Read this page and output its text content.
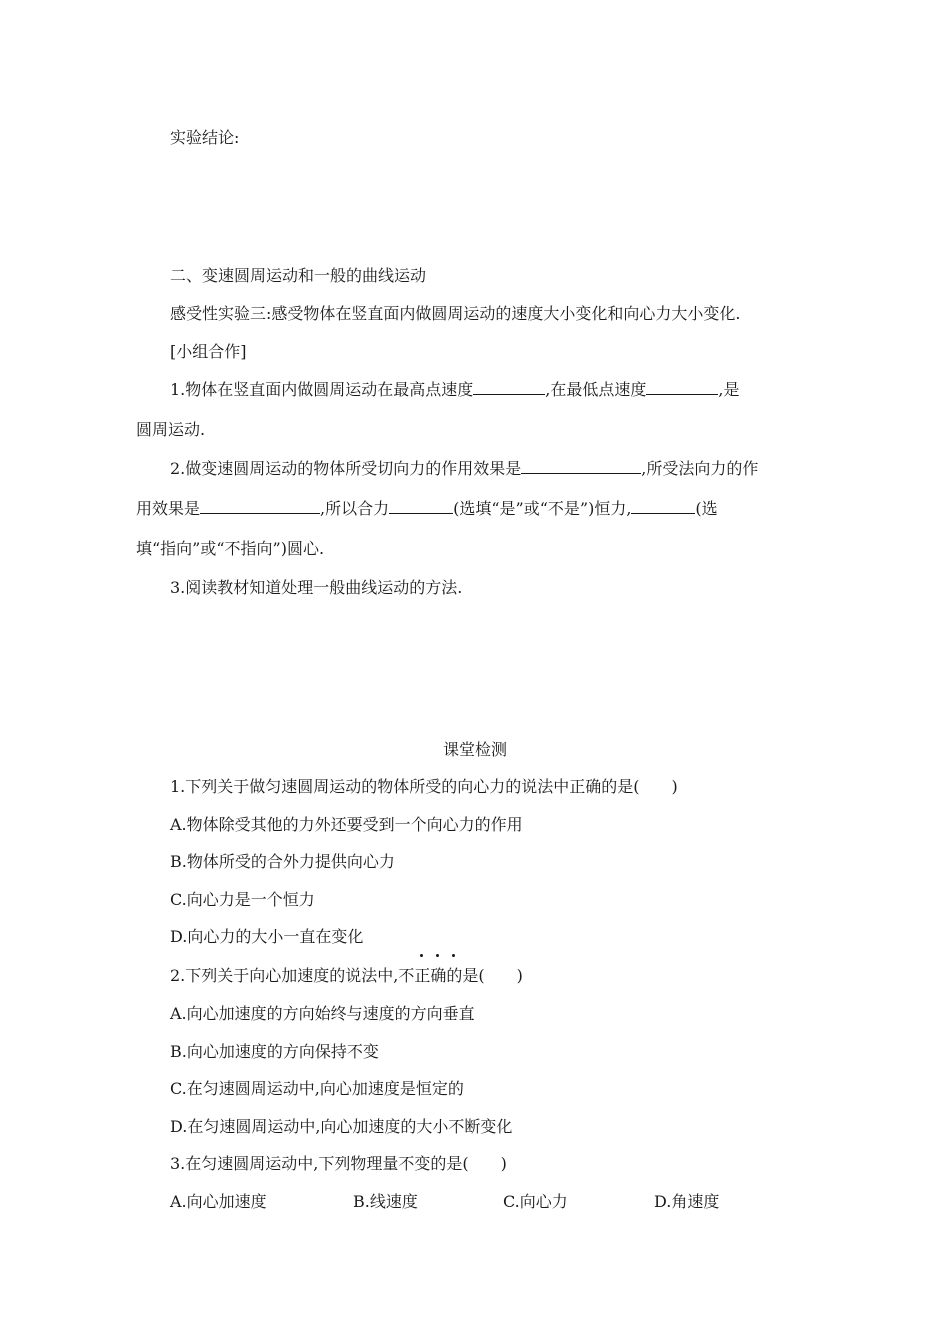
实验结论:
二、变速圆周运动和一般的曲线运动
感受性实验三:感受物体在竖直面内做圆周运动的速度大小变化和向心力大小变化.
[小组合作]
1.物体在竖直面内做圆周运动在最高点速度	,在最低点速度	,是
圆周运动.
2.做变速圆周运动的物体所受切向力的作用效果是	,所受法向力的作
用效果是	,所以合力	(选填“是”或“不是”)恒力,	(选
填“指向”或“不指向”)圆心.
3.阅读教材知道处理一般曲线运动的方法.
课堂检测
1.下列关于做匀速圆周运动的物体所受的向心力的说法中正确的是(　　)
A.物体除受其他的力外还要受到一个向心力的作用
B.物体所受的合外力提供向心力
C.向心力是一个恒力
D.向心力的大小一直在变化
2.下列关于向心加速度的说法中,不正确的是(　　)
A.向心加速度的方向始终与速度的方向垂直
B.向心加速度的方向保持不变
C.在匀速圆周运动中,向心加速度是恒定的
D.在匀速圆周运动中,向心加速度的大小不断变化
3.在匀速圆周运动中,下列物理量不变的是(　　)
A.向心加速度	B.线速度	C.向心力	D.角速度
